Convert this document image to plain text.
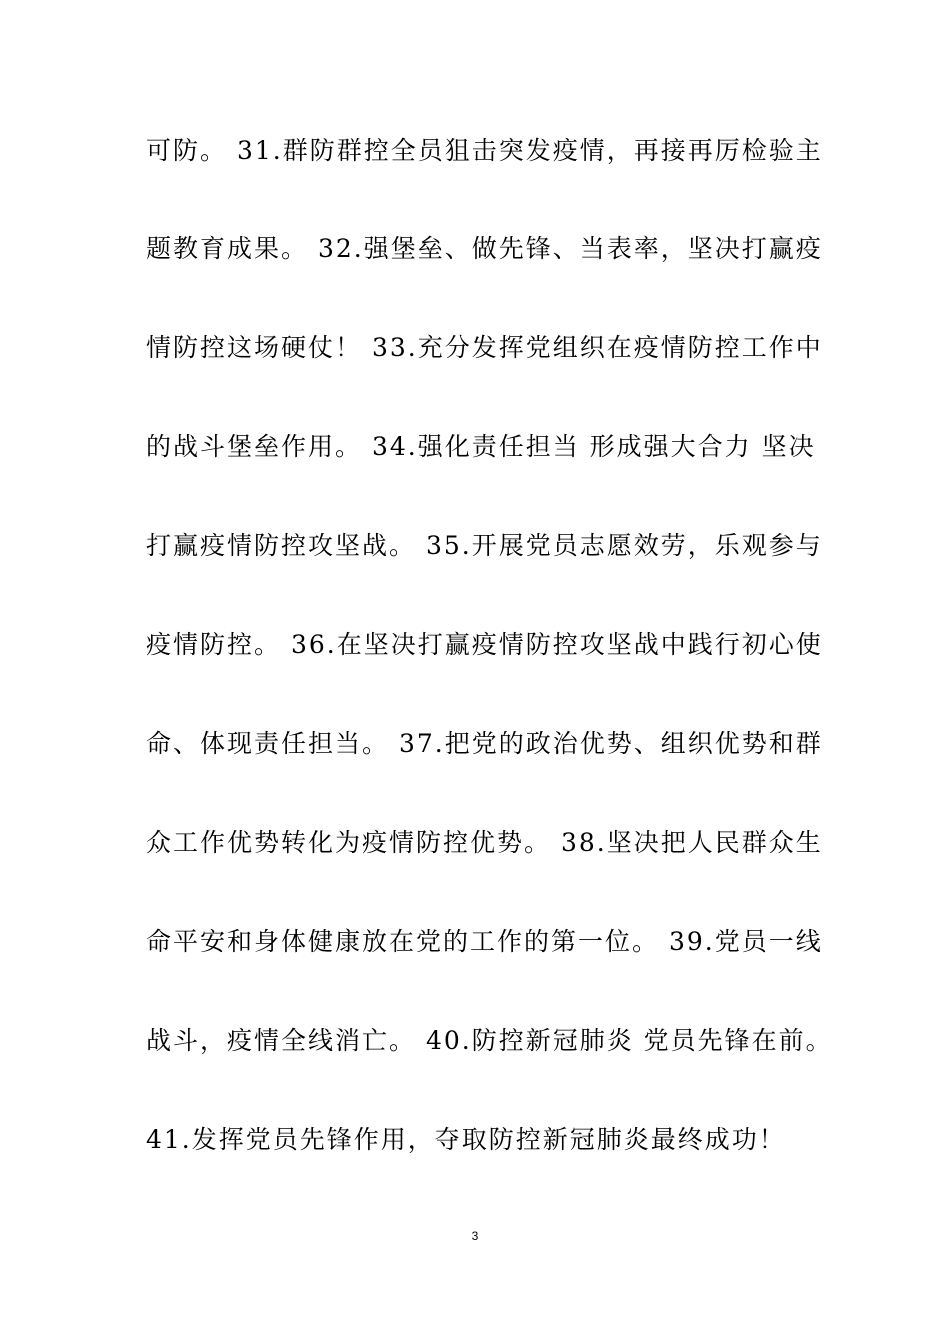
可防。 31.群防群控全员狙击突发疫情，再接再厉检验主
题教育成果。 32.强堡垒、做先锋、当表率，坚决打赢疫
情防控这场硬仗！ 33.充分发挥党组织在疫情防控工作中
的战斗堡垒作用。 34.强化责任担当 形成强大合力 坚决
打赢疫情防控攻坚战。 35.开展党员志愿效劳，乐观参与
疫情防控。 36.在坚决打赢疫情防控攻坚战中践行初心使
命、体现责任担当。 37.把党的政治优势、组织优势和群
众工作优势转化为疫情防控优势。 38.坚决把人民群众生
命平安和身体健康放在党的工作的第一位。 39.党员一线
战斗，疫情全线消亡。 40.防控新冠肺炎 党员先锋在前。
41.发挥党员先锋作用，夺取防控新冠肺炎最终成功！
3
